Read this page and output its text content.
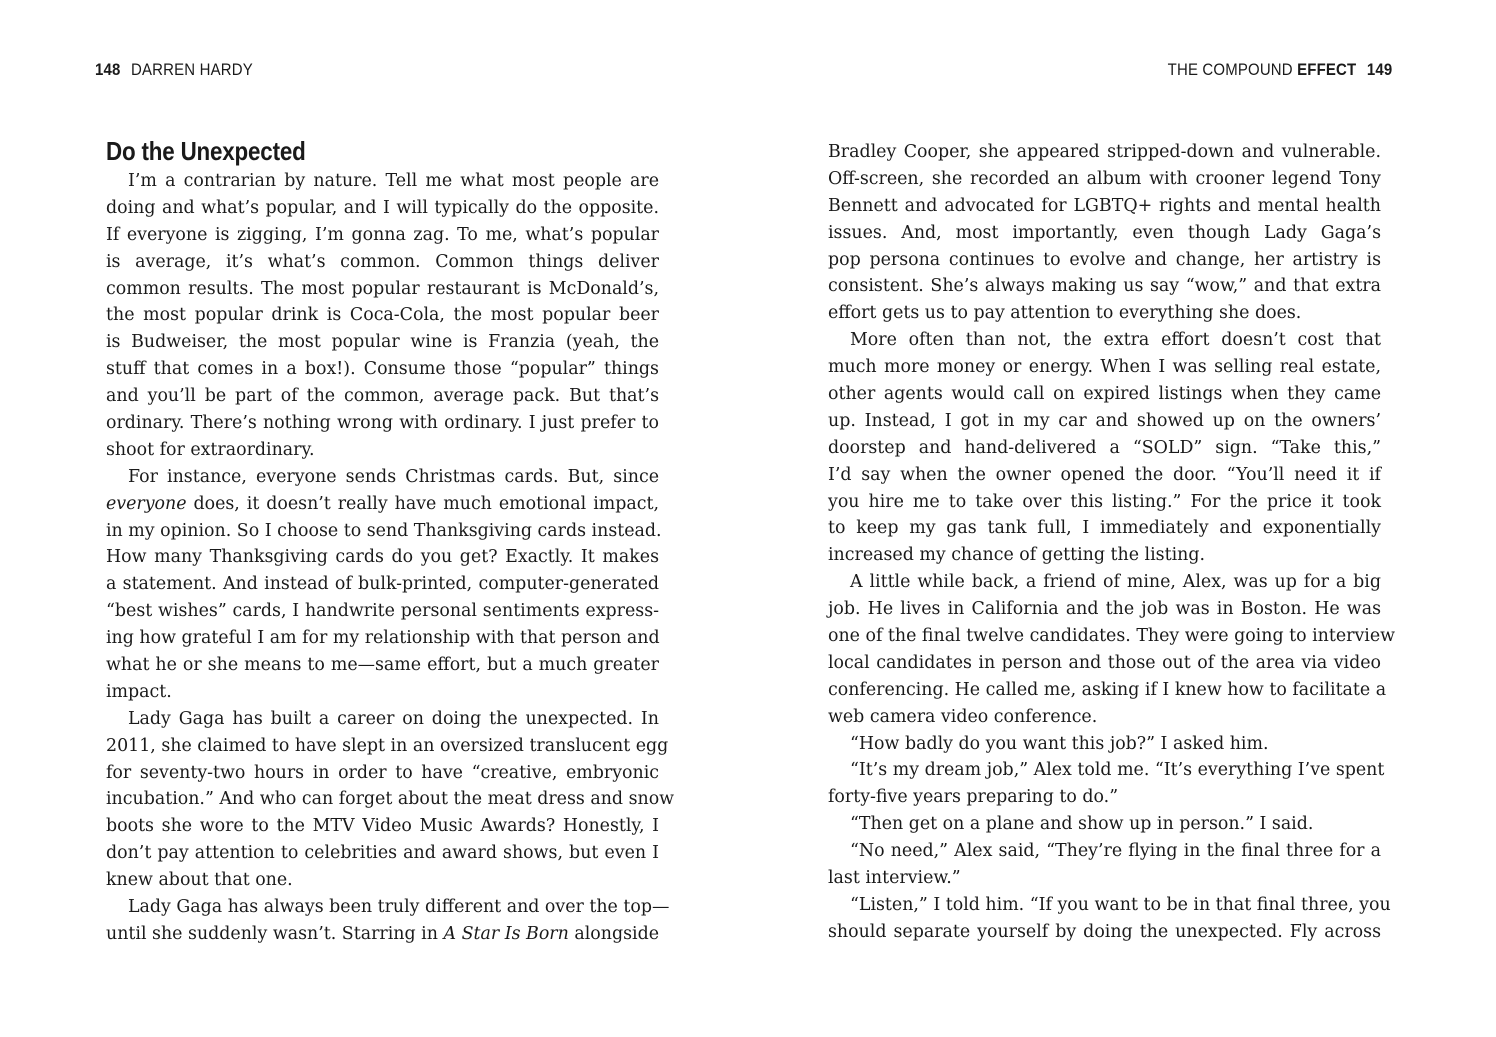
148 DARREN HARDY
Do the Unexpected
I’m a contrarian by nature. Tell me what most people are
doing and what’s popular, and I will typically do the opposite.
If everyone is zigging, I’m gonna zag. To me, what’s popular
is average, it’s what’s common. Common things deliver
common results. The most popular restaurant is McDonald’s,
the most popular drink is Coca-Cola, the most popular beer
is Budweiser, the most popular wine is Franzia (yeah, the
stuff that comes in a box!). Consume those “popular” things
and you’ll be part of the common, average pack. But that’s
ordinary. There’s nothing wrong with ordinary. I just prefer to
shoot for extraordinary.
For instance, everyone sends Christmas cards. But, since
everyone does, it doesn’t really have much emotional impact,
in my opinion. So I choose to send Thanksgiving cards instead.
How many Thanksgiving cards do you get? Exactly. It makes
a statement. And instead of bulk-printed, computer-generated
“best wishes” cards, I handwrite personal sentiments express-
ing how grateful I am for my relationship with that person and
what he or she means to me—same effort, but a much greater
impact.
Lady Gaga has built a career on doing the unexpected. In
2011, she claimed to have slept in an oversized translucent egg
for seventy-two hours in order to have “creative, embryonic
incubation.” And who can forget about the meat dress and snow
boots she wore to the MTV Video Music Awards? Honestly, I
don’t pay attention to celebrities and award shows, but even I
knew about that one.
Lady Gaga has always been truly different and over the top—
until she suddenly wasn’t. Starring in A Star Is Born alongside
THE COMPOUND EFFECT 149
Bradley Cooper, she appeared stripped-down and vulnerable.
Off-screen, she recorded an album with crooner legend Tony
Bennett and advocated for LGBTQ+ rights and mental health
issues. And, most importantly, even though Lady Gaga’s
pop persona continues to evolve and change, her artistry is
consistent. She’s always making us say “wow,” and that extra
effort gets us to pay attention to everything she does.
More often than not, the extra effort doesn’t cost that
much more money or energy. When I was selling real estate,
other agents would call on expired listings when they came
up. Instead, I got in my car and showed up on the owners’
doorstep and hand-delivered a “SOLD” sign. “Take this,”
I’d say when the owner opened the door. “You’ll need it if
you hire me to take over this listing.” For the price it took
to keep my gas tank full, I immediately and exponentially
increased my chance of getting the listing.
A little while back, a friend of mine, Alex, was up for a big
job. He lives in California and the job was in Boston. He was
one of the final twelve candidates. They were going to interview
local candidates in person and those out of the area via video
conferencing. He called me, asking if I knew how to facilitate a
web camera video conference.
“How badly do you want this job?” I asked him.
“It’s my dream job,” Alex told me. “It’s everything I’ve spent
forty-five years preparing to do.”
“Then get on a plane and show up in person.” I said.
“No need,” Alex said, “They’re flying in the final three for a
last interview.”
“Listen,” I told him. “If you want to be in that final three, you
should separate yourself by doing the unexpected. Fly across
